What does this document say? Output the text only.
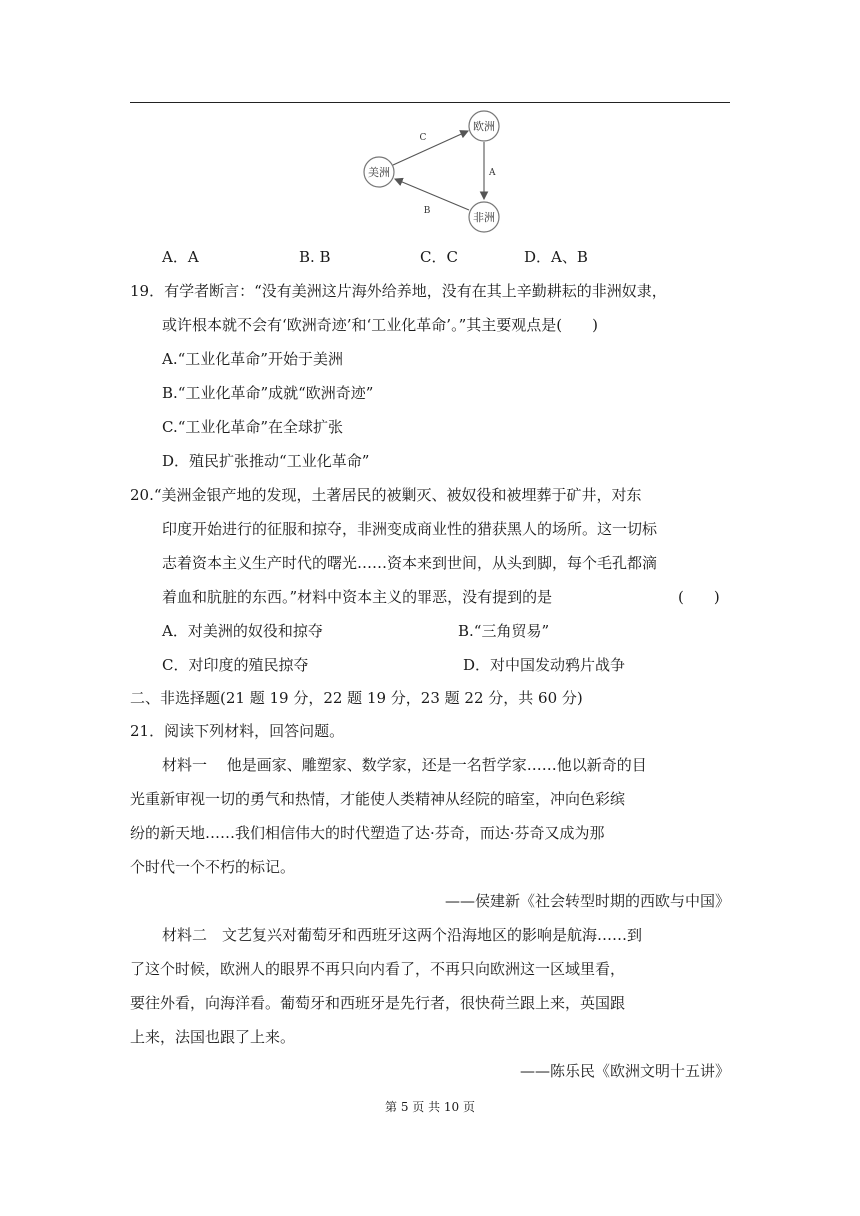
欧洲
美洲
非洲
C
A
B
A．A	B. B	C．C	D．A、B
19．有学者断言：“没有美洲这片海外给养地，没有在其上辛勤耕耘的非洲奴隶，
或许根本就不会有‘欧洲奇迹’和‘工业化革命’。”其主要观点是(　　)
A.“工业化革命”开始于美洲
B.“工业化革命”成就“欧洲奇迹”
C.“工业化革命”在全球扩张
D．殖民扩张推动“工业化革命”
20.“美洲金银产地的发现，土著居民的被剿灭、被奴役和被埋葬于矿井，对东
印度开始进行的征服和掠夺，非洲变成商业性的猎获黑人的场所。这一切标
志着资本主义生产时代的曙光……资本来到世间，从头到脚，每个毛孔都滴
着血和肮脏的东西。”材料中资本主义的罪恶，没有提到的是	(　　)
A．对美洲的奴役和掠夺	B.“三角贸易”
C．对印度的殖民掠夺	D．对中国发动鸦片战争
二、非选择题(21 题 19 分，22 题 19 分，23 题 22 分，共 60 分)
21．阅读下列材料，回答问题。
材料一　 他是画家、雕塑家、数学家，还是一名哲学家……他以新奇的目
光重新审视一切的勇气和热情，才能使人类精神从经院的暗室，冲向色彩缤
纷的新天地……我们相信伟大的时代塑造了达·芬奇，而达·芬奇又成为那
个时代一个不朽的标记。
——侯建新《社会转型时期的西欧与中国》
材料二　文艺复兴对葡萄牙和西班牙这两个沿海地区的影响是航海……到
了这个时候，欧洲人的眼界不再只向内看了，不再只向欧洲这一区域里看，
要往外看，向海洋看。葡萄牙和西班牙是先行者，很快荷兰跟上来，英国跟
上来，法国也跟了上来。
——陈乐民《欧洲文明十五讲》
第 5 页 共 10 页
